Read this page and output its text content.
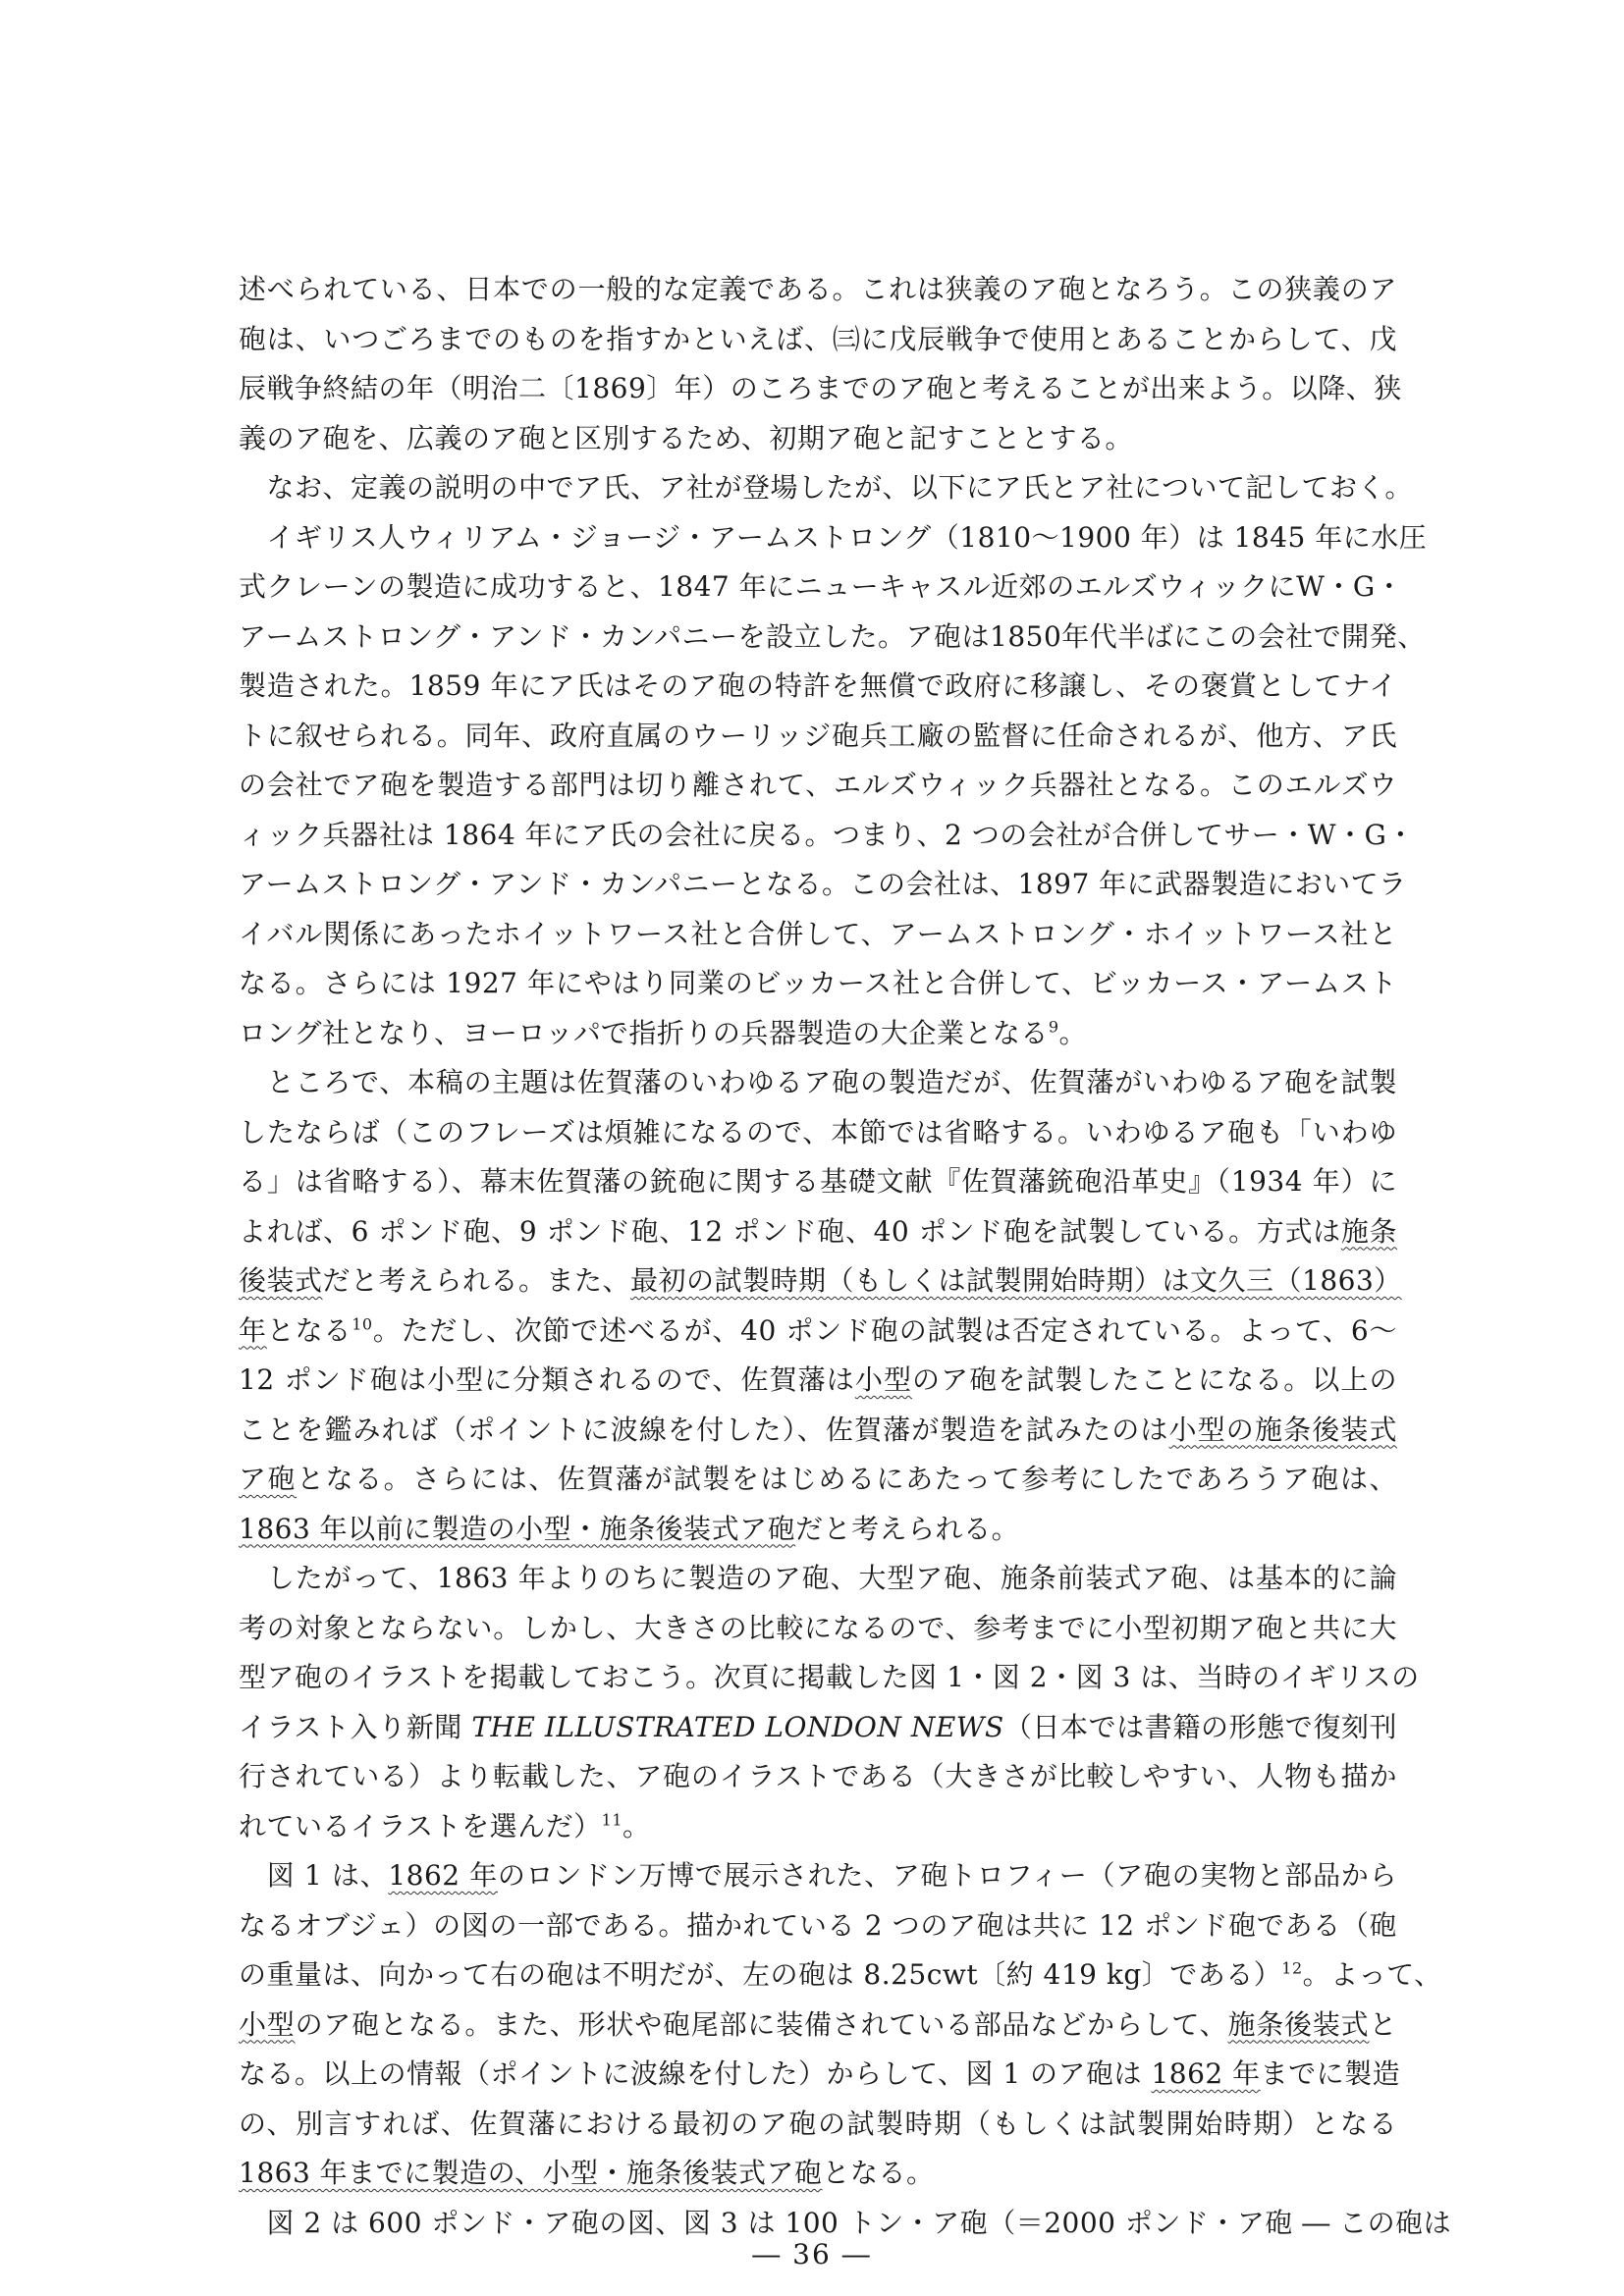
述べられている、日本での一般的な定義である。これは狭義のア砲となろう。この狭義のア
砲は、いつごろまでのものを指すかといえば、㈢に戊辰戦争で使用とあることからして、戊
辰戦争終結の年（明治二〔1869〕年）のころまでのア砲と考えることが出来よう。以降、狭
義のア砲を、広義のア砲と区別するため、初期ア砲と記すこととする。
　なお、定義の説明の中でア氏、ア社が登場したが、以下にア氏とア社について記しておく。
　イギリス人ウィリアム・ジョージ・アームストロング（1810〜1900 年）は 1845 年に水圧
式クレーンの製造に成功すると、1847 年にニューキャスル近郊のエルズウィックにW・G・
アームストロング・アンド・カンパニーを設立した。ア砲は1850年代半ばにこの会社で開発、
製造された。1859 年にア氏はそのア砲の特許を無償で政府に移譲し、その褒賞としてナイ
トに叙せられる。同年、政府直属のウーリッジ砲兵工廠の監督に任命されるが、他方、ア氏
の会社でア砲を製造する部門は切り離されて、エルズウィック兵器社となる。このエルズウ
ィック兵器社は 1864 年にア氏の会社に戻る。つまり、2 つの会社が合併してサー・W・G・
アームストロング・アンド・カンパニーとなる。この会社は、1897 年に武器製造においてラ
イバル関係にあったホイットワース社と合併して、アームストロング・ホイットワース社と
なる。さらには 1927 年にやはり同業のビッカース社と合併して、ビッカース・アームスト
ロング社となり、ヨーロッパで指折りの兵器製造の大企業となる$^9$。
　ところで、本稿の主題は佐賀藩のいわゆるア砲の製造だが、佐賀藩がいわゆるア砲を試製
したならば（このフレーズは煩雑になるので、本節では省略する。いわゆるア砲も「いわゆ
る」は省略する）、幕末佐賀藩の銃砲に関する基礎文献『佐賀藩銃砲沿革史』（1934 年）に
よれば、6 ポンド砲、9 ポンド砲、12 ポンド砲、40 ポンド砲を試製している。方式は施条
後装式だと考えられる。また、最初の試製時期（もしくは試製開始時期）は文久三（1863）
年となる$^{10}$。ただし、次節で述べるが、40 ポンド砲の試製は否定されている。よって、6〜
12 ポンド砲は小型に分類されるので、佐賀藩は小型のア砲を試製したことになる。以上の
ことを鑑みれば（ポイントに波線を付した）、佐賀藩が製造を試みたのは小型の施条後装式
ア砲となる。さらには、佐賀藩が試製をはじめるにあたって参考にしたであろうア砲は、
1863 年以前に製造の小型・施条後装式ア砲だと考えられる。
　したがって、1863 年よりのちに製造のア砲、大型ア砲、施条前装式ア砲、は基本的に論
考の対象とならない。しかし、大きさの比較になるので、参考までに小型初期ア砲と共に大
型ア砲のイラストを掲載しておこう。次頁に掲載した図 1・図 2・図 3 は、当時のイギリスの
イラスト入り新聞 THE ILLUSTRATED LONDON NEWS（日本では書籍の形態で復刻刊
行されている）より転載した、ア砲のイラストである（大きさが比較しやすい、人物も描か
れているイラストを選んだ）$^{11}$。
　図 1 は、1862 年のロンドン万博で展示された、ア砲トロフィー（ア砲の実物と部品から
なるオブジェ）の図の一部である。描かれている 2 つのア砲は共に 12 ポンド砲である（砲
の重量は、向かって右の砲は不明だが、左の砲は 8.25cwt〔約 419 kg〕である）$^{12}$。よって、
小型のア砲となる。また、形状や砲尾部に装備されている部品などからして、施条後装式と
なる。以上の情報（ポイントに波線を付した）からして、図 1 のア砲は 1862 年までに製造
の、別言すれば、佐賀藩における最初のア砲の試製時期（もしくは試製開始時期）となる
1863 年までに製造の、小型・施条後装式ア砲となる。
　図 2 は 600 ポンド・ア砲の図、図 3 は 100 トン・ア砲（＝2000 ポンド・ア砲 ― この砲は
― 36 ―
